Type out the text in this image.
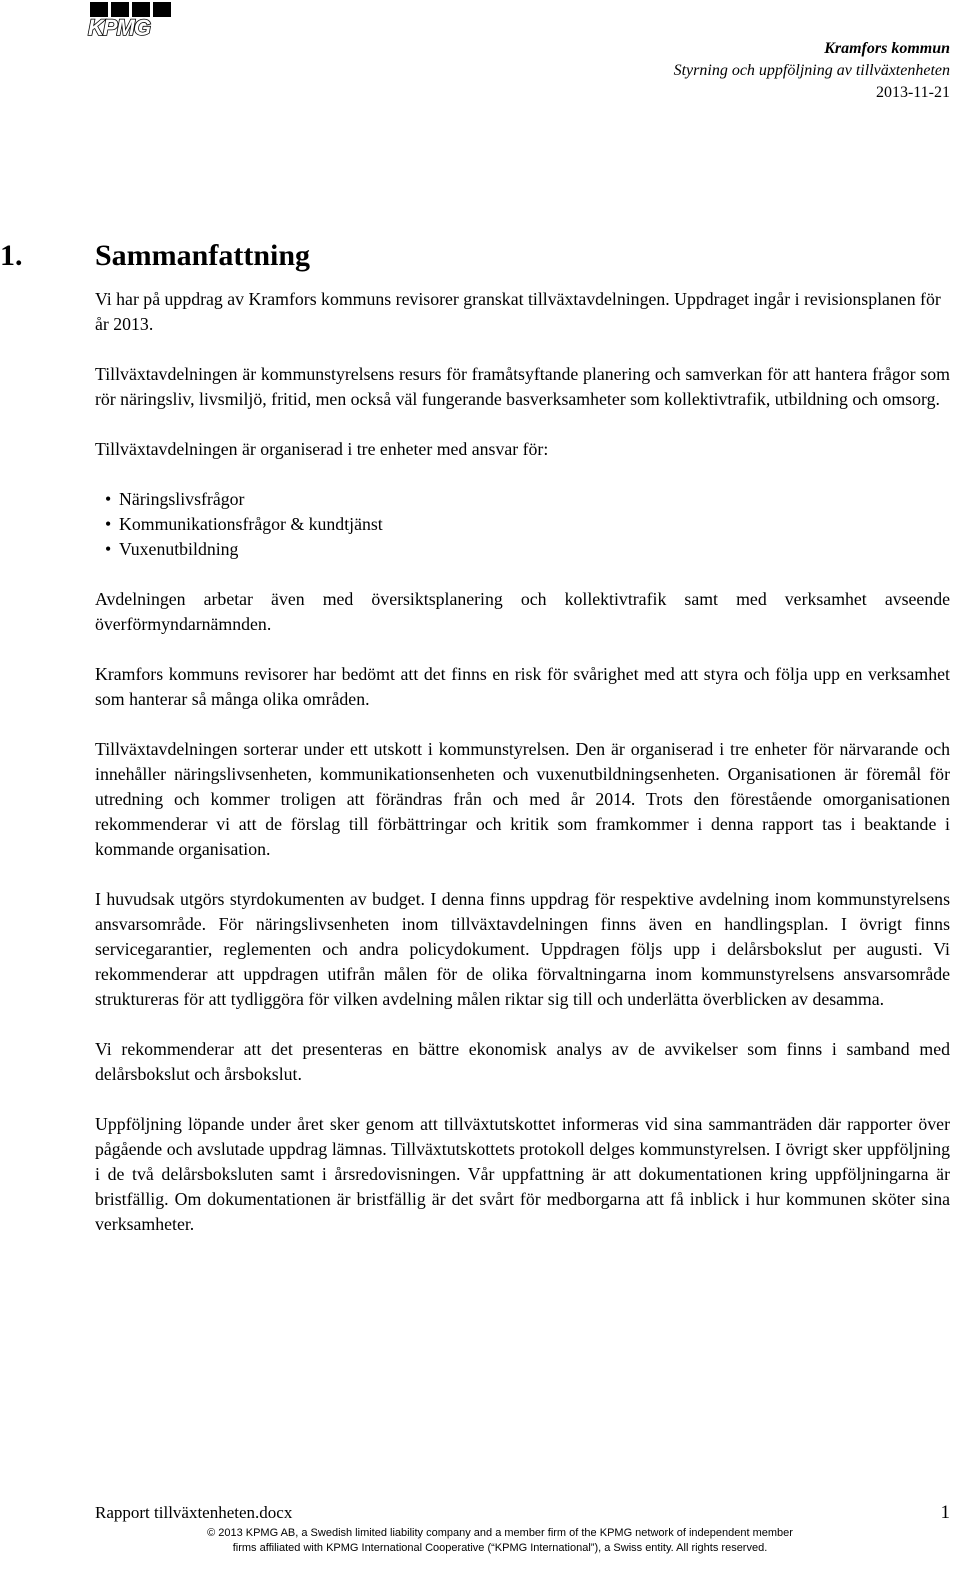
KPMG
Kramfors kommun
Styrning och uppföljning av tillväxtenheten
2013-11-21
1. Sammanfattning

Vi har på uppdrag av Kramfors kommuns revisorer granskat tillväxtavdelningen. Uppdraget ingår i revisionsplanen för år 2013.

Tillväxtavdelningen är kommunstyrelsens resurs för framåtsyftande planering och samverkan för att hantera frågor som rör näringsliv, livsmiljö, fritid, men också väl fungerande basverksamheter som kollektivtrafik, utbildning och omsorg.

Tillväxtavdelningen är organiserad i tre enheter med ansvar för:

• Näringslivsfrågor
• Kommunikationsfrågor & kundtjänst
• Vuxenutbildning

Avdelningen arbetar även med översiktsplanering och kollektivtrafik samt med verksamhet avseende överförmyndarnämnden.

Kramfors kommuns revisorer har bedömt att det finns en risk för svårighet med att styra och följa upp en verksamhet som hanterar så många olika områden.

Tillväxtavdelningen sorterar under ett utskott i kommunstyrelsen. Den är organiserad i tre enheter för närvarande och innehåller näringslivsenheten, kommunikationsenheten och vuxenutbildningsenheten. Organisationen är föremål för utredning och kommer troligen att förändras från och med år 2014. Trots den förestående omorganisationen rekommenderar vi att de förslag till förbättringar och kritik som framkommer i denna rapport tas i beaktande i kommande organisation.

I huvudsak utgörs styrdokumenten av budget. I denna finns uppdrag för respektive avdelning inom kommunstyrelsens ansvarsområde. För näringslivsenheten inom tillväxtavdelningen finns även en handlingsplan. I övrigt finns servicegarantier, reglementen och andra policydokument. Uppdragen följs upp i delårsbokslut per augusti. Vi rekommenderar att uppdragen utifrån målen för de olika förvaltningarna inom kommunstyrelsens ansvarsområde struktureras för att tydliggöra för vilken avdelning målen riktar sig till och underlätta överblicken av desamma.

Vi rekommenderar att det presenteras en bättre ekonomisk analys av de avvikelser som finns i samband med delårsbokslut och årsbokslut.

Uppföljning löpande under året sker genom att tillväxtutskottet informeras vid sina sammanträden där rapporter över pågående och avslutade uppdrag lämnas. Tillväxtutskottets protokoll delges kommunstyrelsen. I övrigt sker uppföljning i de två delårsboksluten samt i årsredovisningen. Vår uppfattning är att dokumentationen kring uppföljningarna är bristfällig. Om dokumentationen är bristfällig är det svårt för medborgarna att få inblick i hur kommunen sköter sina verksamheter.

Rapport tillväxtenheten.docx	1
© 2013 KPMG AB, a Swedish limited liability company and a member firm of the KPMG network of independent member firms affiliated with KPMG International Cooperative (“KPMG International”), a Swiss entity. All rights reserved.
